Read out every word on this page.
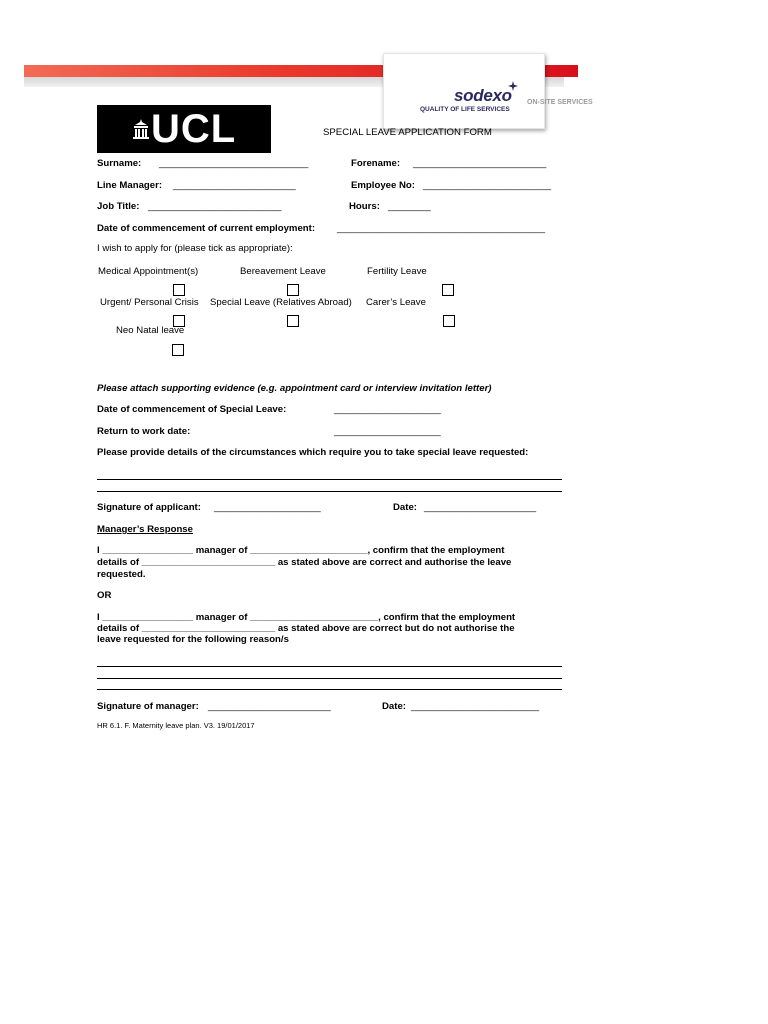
sodexo
QUALITY OF LIFE SERVICES
ON-SITE SERVICES
UCL	SPECIAL LEAVE APPLICATION FORM
Surname: ____________________________	Forename: _________________________
Line Manager: _______________________	Employee No: ________________________
Job Title: _________________________	Hours: ________
Date of commencement of current employment: _______________________________________
I wish to apply for (please tick as appropriate):
Medical Appointment(s)	Bereavement Leave	Fertility Leave
Urgent/ Personal Crisis Special Leave (Relatives Abroad) Carer’s Leave
Neo Natal leave
Please attach supporting evidence (e.g. appointment card or interview invitation letter)
Date of commencement of Special Leave:	____________________
Return to work date:	____________________
Please provide details of the circumstances which require you to take special leave requested:
Signature of applicant: ____________________	Date: _____________________
Manager’s Response
I _________________ manager of ______________________, confirm that the employment
details of _________________________ as stated above are correct and authorise the leave
requested.
OR
I _________________ manager of ________________________, confirm that the employment
details of _________________________ as stated above are correct but do not authorise the
leave requested for the following reason/s
Signature of manager: _______________________	Date: ________________________
HR 6.1. F. Maternity leave plan. V3. 19/01/2017
